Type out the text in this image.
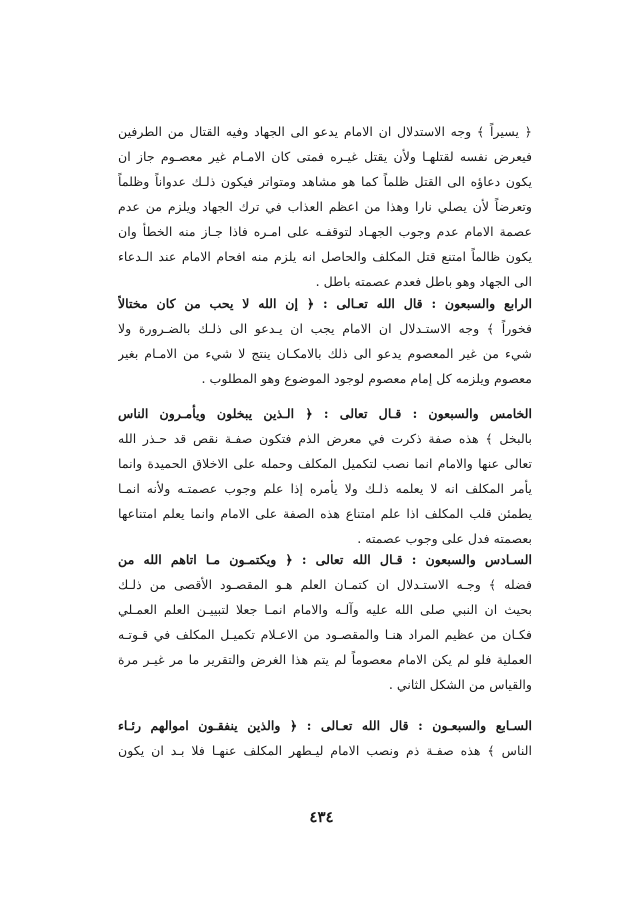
﴿ يسيراً ﴾ وجه الاستدلال ان الامام يدعو الى الجهاد وفيه القتال من الطرفين
فيعرض نفسه لقتلهـا ولأن يقتل غيـره فمتى كان الامـام غير معصـوم جاز ان
يكون دعاؤه الى القتل ظلماً كما هو مشاهد ومتواتر فيكون ذلـك عدواناً وظلماً
وتعرضاً لأن يصلي نارا وهذا من اعظم العذاب في ترك الجهاد ويلزم من عدم
عصمة الامام عدم وجوب الجهـاد لتوقفـه على امـره فاذا جـاز منه الخطأ وان
يكون ظالماً امتنع قتل المكلف والحاصل انه يلزم منه افحام الامام عند الـدعاء
الى الجهاد وهو باطل فعدم عصمته باطل .
الرابع والسبعون : قال الله تعـالى : ﴿ إن الله لا يحب من كان مختالاً
فخوراً ﴾ وجه الاستـدلال ان الامام يجب ان يـدعو الى ذلـك بالضـرورة ولا
شيء من غير المعصوم يدعو الى ذلك بالامكـان ينتج لا شيء من الامـام بغير
معصوم ويلزمه كل إمام معصوم لوجود الموضوع وهو المطلوب .
الخامس والسبعون : قـال تعالى : ﴿ الـذين يبخلون ويأمـرون الناس
بالبخل ﴾ هذه صفة ذكرت في معرض الذم فتكون صفـة نقص قد حـذر الله
تعالى عنها والامام انما نصب لتكميل المكلف وحمله على الاخلاق الحميدة وانما
يأمر المكلف انه لا يعلمه ذلـك ولا يأمره إذا علم وجوب عصمتـه ولأنه انمـا
يطمئن قلب المكلف اذا علم امتناع هذه الصفة على الامام وانما يعلم امتناعها
بعصمته فدل على وجوب عصمته .
السـادس والسبعون : قـال الله تعالى : ﴿ ويكتمـون مـا اتاهم الله من
فضله ﴾ وجـه الاستـدلال ان كتمـان العلم هـو المقصـود الأقصى من ذلـك
بحيث ان النبي صلى الله عليه وآلـه والامام انمـا جعلا لتبييـن العلم العمـلي
فكـان من عظيم المراد هنـا والمقصـود من الاعـلام تكميـل المكلف في قـوتـه
العملية فلو لم يكن الامام معصوماً لم يتم هذا الغرض والتقرير ما مر غيـر مرة
والقياس من الشكل الثاني .
السـابع والسبعـون : قال الله تعـالى : ﴿ والذين ينفقـون اموالهم رئـاء
الناس ﴾ هذه صفـة ذم ونصب الامام ليـطهر المكلف عنهـا فلا بـد ان يكون
٤٣٤
